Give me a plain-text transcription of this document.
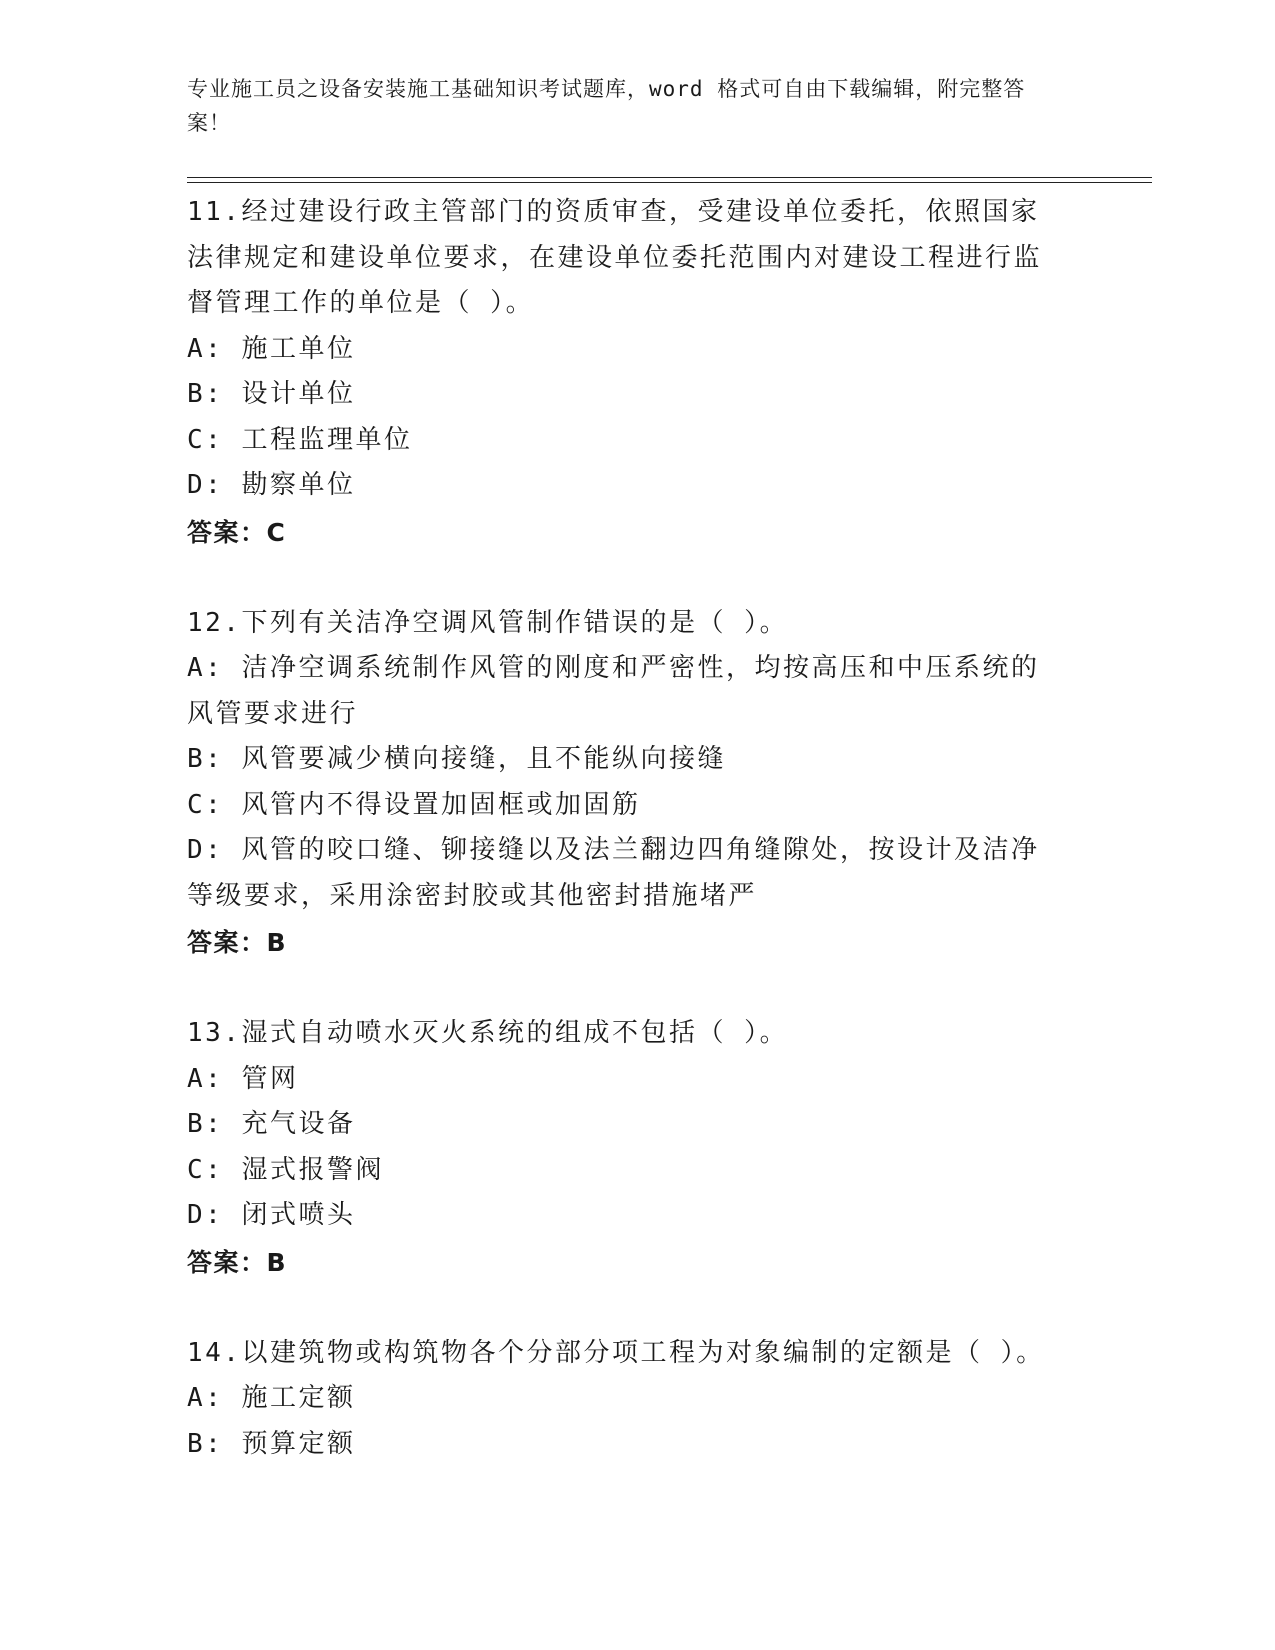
专业施工员之设备安装施工基础知识考试题库，word 格式可自由下载编辑，附完整答案！
11.经过建设行政主管部门的资质审查，受建设单位委托，依照国家法律规定和建设单位要求，在建设单位委托范围内对建设工程进行监督管理工作的单位是（ ）。
A: 施工单位
B: 设计单位
C: 工程监理单位
D: 勘察单位
答案：C
12.下列有关洁净空调风管制作错误的是（ ）。
A: 洁净空调系统制作风管的刚度和严密性，均按高压和中压系统的风管要求进行
B: 风管要减少横向接缝，且不能纵向接缝
C: 风管内不得设置加固框或加固筋
D: 风管的咬口缝、铆接缝以及法兰翻边四角缝隙处，按设计及洁净等级要求，采用涂密封胶或其他密封措施堵严
答案：B
13.湿式自动喷水灭火系统的组成不包括（ ）。
A: 管网
B: 充气设备
C: 湿式报警阀
D: 闭式喷头
答案：B
14.以建筑物或构筑物各个分部分项工程为对象编制的定额是（ ）。
A: 施工定额
B: 预算定额
